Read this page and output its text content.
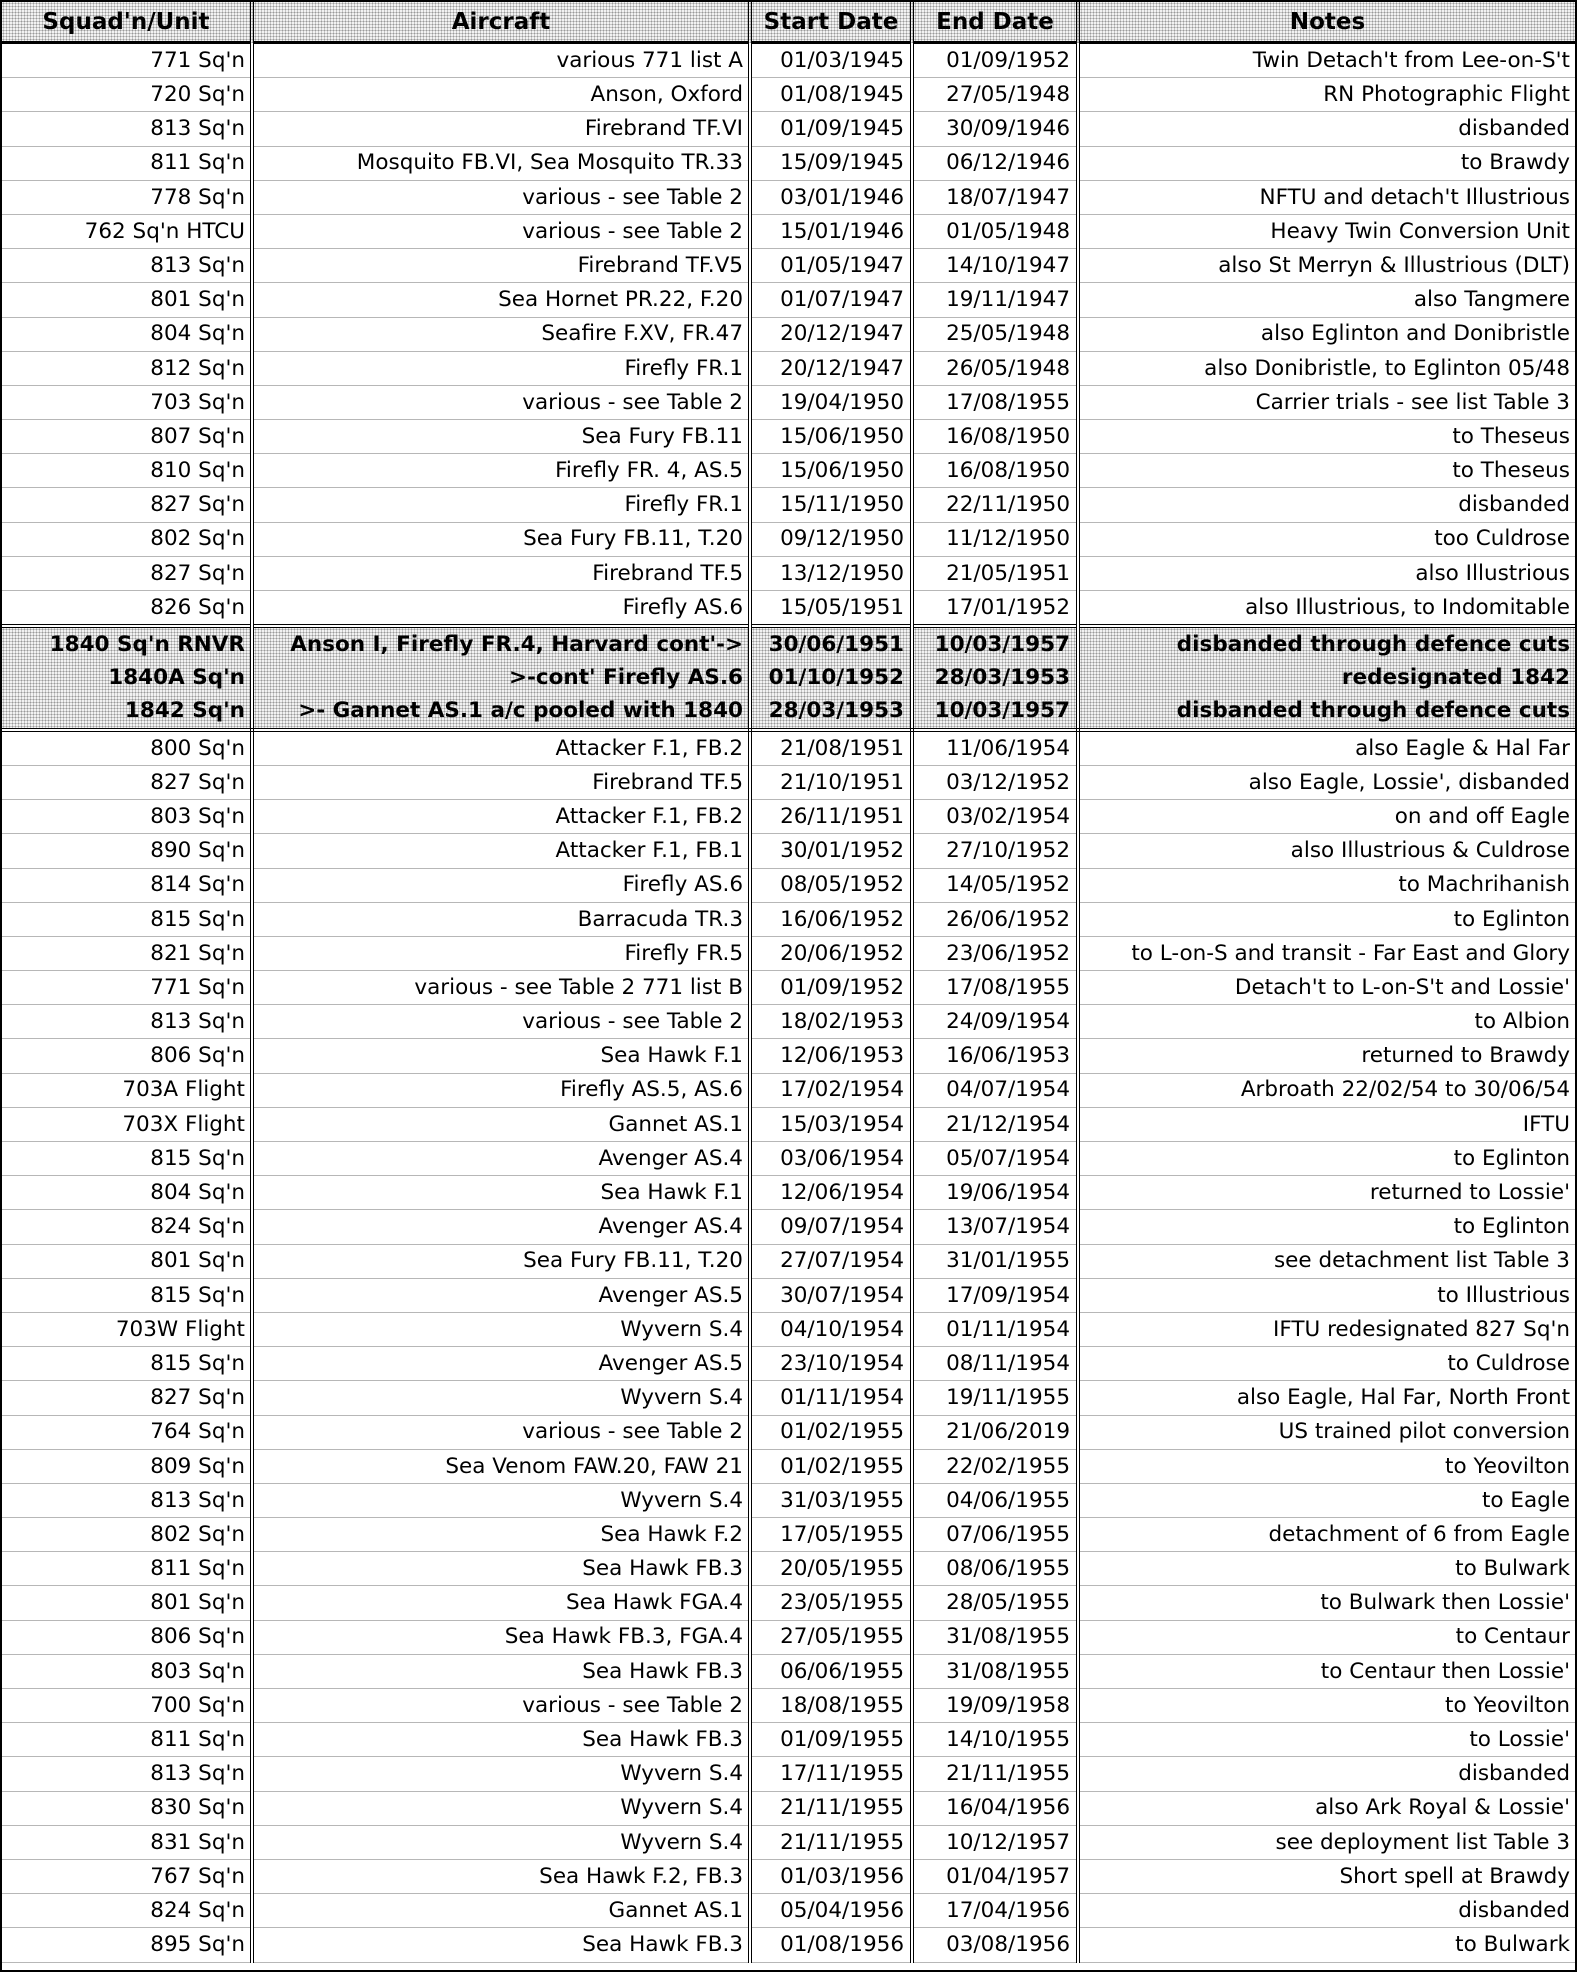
Squad'n/Unit	Aircraft	Start Date	End Date	Notes
771 Sq'n	various 771 list A	01/03/1945	01/09/1952	Twin Detach't from Lee-on-S't
720 Sq'n	Anson, Oxford	01/08/1945	27/05/1948	RN Photographic Flight
813 Sq'n	Firebrand TF.VI	01/09/1945	30/09/1946	disbanded
811 Sq'n	Mosquito FB.VI, Sea Mosquito TR.33	15/09/1945	06/12/1946	to Brawdy
778 Sq'n	various - see Table 2	03/01/1946	18/07/1947	NFTU and detach't Illustrious
762 Sq'n HTCU	various - see Table 2	15/01/1946	01/05/1948	Heavy Twin Conversion Unit
813 Sq'n	Firebrand TF.V5	01/05/1947	14/10/1947	also St Merryn & Illustrious (DLT)
801 Sq'n	Sea Hornet PR.22, F.20	01/07/1947	19/11/1947	also Tangmere
804 Sq'n	Seafire F.XV, FR.47	20/12/1947	25/05/1948	also Eglinton and Donibristle
812 Sq'n	Firefly FR.1	20/12/1947	26/05/1948	also Donibristle, to Eglinton 05/48
703 Sq'n	various - see Table 2	19/04/1950	17/08/1955	Carrier trials - see list Table 3
807 Sq'n	Sea Fury FB.11	15/06/1950	16/08/1950	to Theseus
810 Sq'n	Firefly FR. 4, AS.5	15/06/1950	16/08/1950	to Theseus
827 Sq'n	Firefly FR.1	15/11/1950	22/11/1950	disbanded
802 Sq'n	Sea Fury FB.11, T.20	09/12/1950	11/12/1950	too Culdrose
827 Sq'n	Firebrand TF.5	13/12/1950	21/05/1951	also Illustrious
826 Sq'n	Firefly AS.6	15/05/1951	17/01/1952	also Illustrious, to Indomitable
1840 Sq'n RNVR	Anson I, Firefly FR.4, Harvard cont'->	30/06/1951	10/03/1957	disbanded through defence cuts
1840A Sq'n	>-cont' Firefly AS.6	01/10/1952	28/03/1953	redesignated 1842
1842 Sq'n	>- Gannet AS.1 a/c pooled with 1840	28/03/1953	10/03/1957	disbanded through defence cuts
800 Sq'n	Attacker F.1, FB.2	21/08/1951	11/06/1954	also Eagle & Hal Far
827 Sq'n	Firebrand TF.5	21/10/1951	03/12/1952	also Eagle, Lossie', disbanded
803 Sq'n	Attacker F.1, FB.2	26/11/1951	03/02/1954	on and off Eagle
890 Sq'n	Attacker F.1, FB.1	30/01/1952	27/10/1952	also Illustrious & Culdrose
814 Sq'n	Firefly AS.6	08/05/1952	14/05/1952	to Machrihanish
815 Sq'n	Barracuda TR.3	16/06/1952	26/06/1952	to Eglinton
821 Sq'n	Firefly FR.5	20/06/1952	23/06/1952	to L-on-S and transit - Far East and Glory
771 Sq'n	various - see Table 2 771 list B	01/09/1952	17/08/1955	Detach't to L-on-S't and Lossie'
813 Sq'n	various - see Table 2	18/02/1953	24/09/1954	to Albion
806 Sq'n	Sea Hawk F.1	12/06/1953	16/06/1953	returned to Brawdy
703A Flight	Firefly AS.5, AS.6	17/02/1954	04/07/1954	Arbroath 22/02/54 to 30/06/54
703X Flight	Gannet AS.1	15/03/1954	21/12/1954	IFTU
815 Sq'n	Avenger AS.4	03/06/1954	05/07/1954	to Eglinton
804 Sq'n	Sea Hawk F.1	12/06/1954	19/06/1954	returned to Lossie'
824 Sq'n	Avenger AS.4	09/07/1954	13/07/1954	to Eglinton
801 Sq'n	Sea Fury FB.11, T.20	27/07/1954	31/01/1955	see detachment list Table 3
815 Sq'n	Avenger AS.5	30/07/1954	17/09/1954	to Illustrious
703W Flight	Wyvern S.4	04/10/1954	01/11/1954	IFTU redesignated 827 Sq'n
815 Sq'n	Avenger AS.5	23/10/1954	08/11/1954	to Culdrose
827 Sq'n	Wyvern S.4	01/11/1954	19/11/1955	also Eagle, Hal Far, North Front
764 Sq'n	various - see Table 2	01/02/1955	21/06/2019	US trained pilot conversion
809 Sq'n	Sea Venom FAW.20, FAW 21	01/02/1955	22/02/1955	to Yeovilton
813 Sq'n	Wyvern S.4	31/03/1955	04/06/1955	to Eagle
802 Sq'n	Sea Hawk F.2	17/05/1955	07/06/1955	detachment of 6 from Eagle
811 Sq'n	Sea Hawk FB.3	20/05/1955	08/06/1955	to Bulwark
801 Sq'n	Sea Hawk FGA.4	23/05/1955	28/05/1955	to Bulwark then Lossie'
806 Sq'n	Sea Hawk FB.3, FGA.4	27/05/1955	31/08/1955	to Centaur
803 Sq'n	Sea Hawk FB.3	06/06/1955	31/08/1955	to Centaur then Lossie'
700 Sq'n	various - see Table 2	18/08/1955	19/09/1958	to Yeovilton
811 Sq'n	Sea Hawk FB.3	01/09/1955	14/10/1955	to Lossie'
813 Sq'n	Wyvern S.4	17/11/1955	21/11/1955	disbanded
830 Sq'n	Wyvern S.4	21/11/1955	16/04/1956	also Ark Royal & Lossie'
831 Sq'n	Wyvern S.4	21/11/1955	10/12/1957	see deployment list Table 3
767 Sq'n	Sea Hawk F.2, FB.3	01/03/1956	01/04/1957	Short spell at Brawdy
824 Sq'n	Gannet AS.1	05/04/1956	17/04/1956	disbanded
895 Sq'n	Sea Hawk FB.3	01/08/1956	03/08/1956	to Bulwark
